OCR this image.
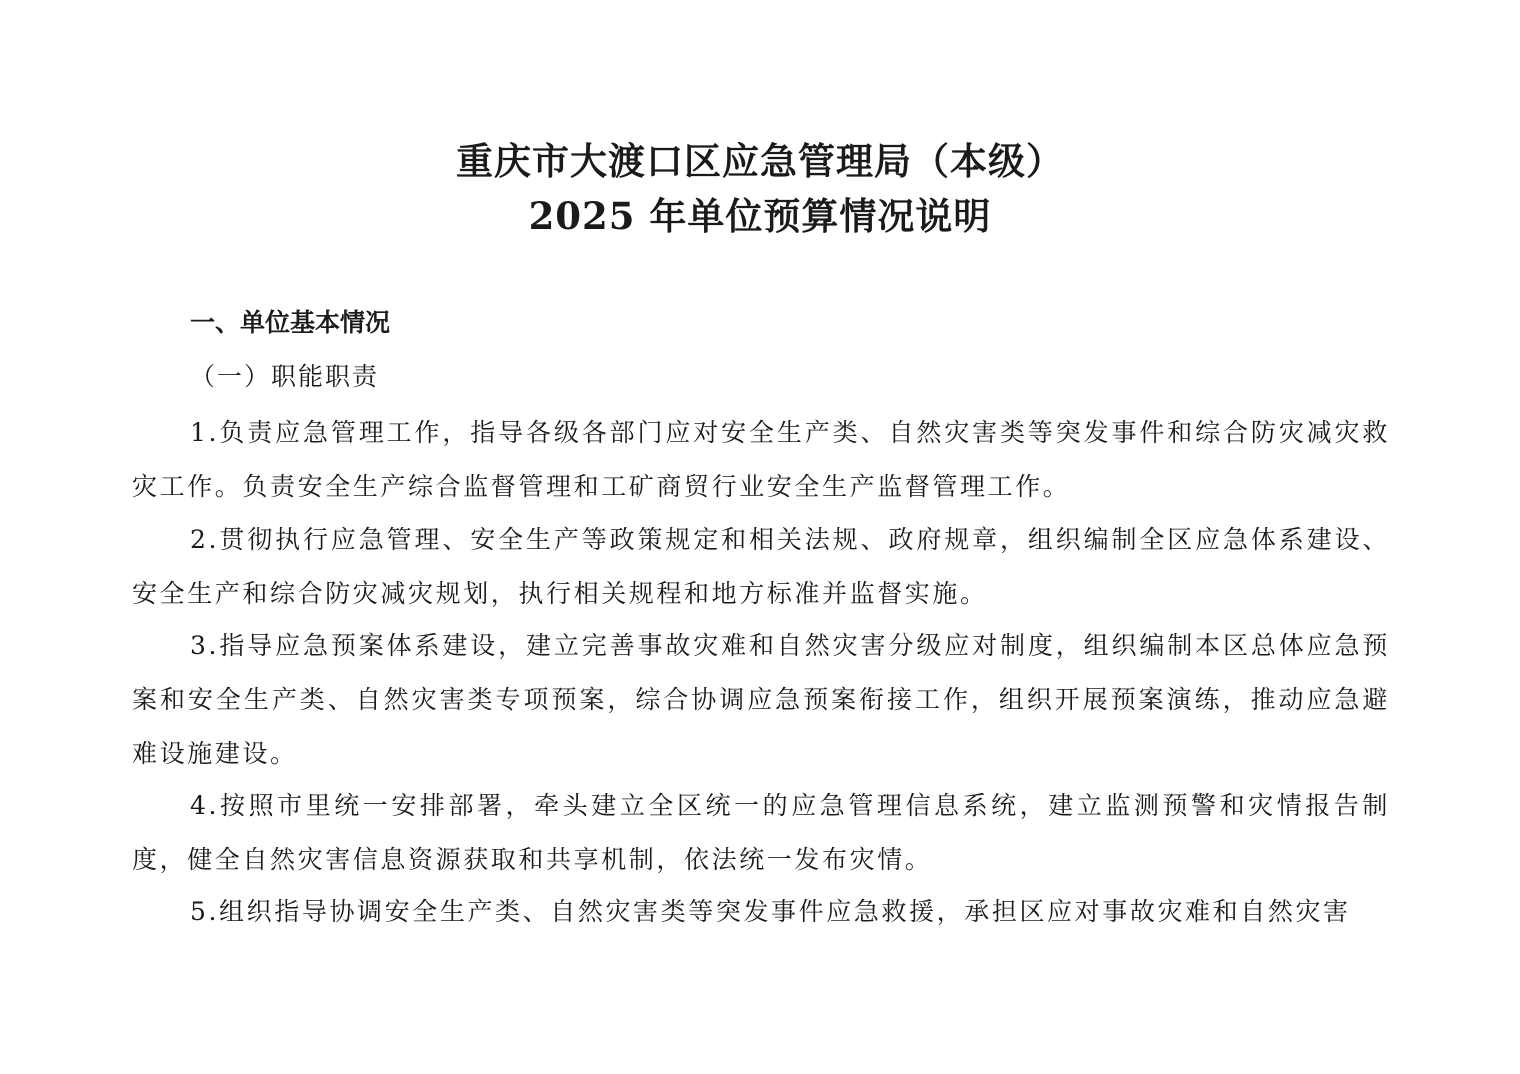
重庆市大渡口区应急管理局（本级）
2025 年单位预算情况说明
一、单位基本情况
（一）职能职责
1.负责应急管理工作，指导各级各部门应对安全生产类、自然灾害类等突发事件和综合防灾减灾救灾工作。负责安全生产综合监督管理和工矿商贸行业安全生产监督管理工作。
2.贯彻执行应急管理、安全生产等政策规定和相关法规、政府规章，组织编制全区应急体系建设、安全生产和综合防灾减灾规划，执行相关规程和地方标准并监督实施。
3.指导应急预案体系建设，建立完善事故灾难和自然灾害分级应对制度，组织编制本区总体应急预案和安全生产类、自然灾害类专项预案，综合协调应急预案衔接工作，组织开展预案演练，推动应急避难设施建设。
4.按照市里统一安排部署，牵头建立全区统一的应急管理信息系统，建立监测预警和灾情报告制度，健全自然灾害信息资源获取和共享机制，依法统一发布灾情。
5.组织指导协调安全生产类、自然灾害类等突发事件应急救援，承担区应对事故灾难和自然灾害
